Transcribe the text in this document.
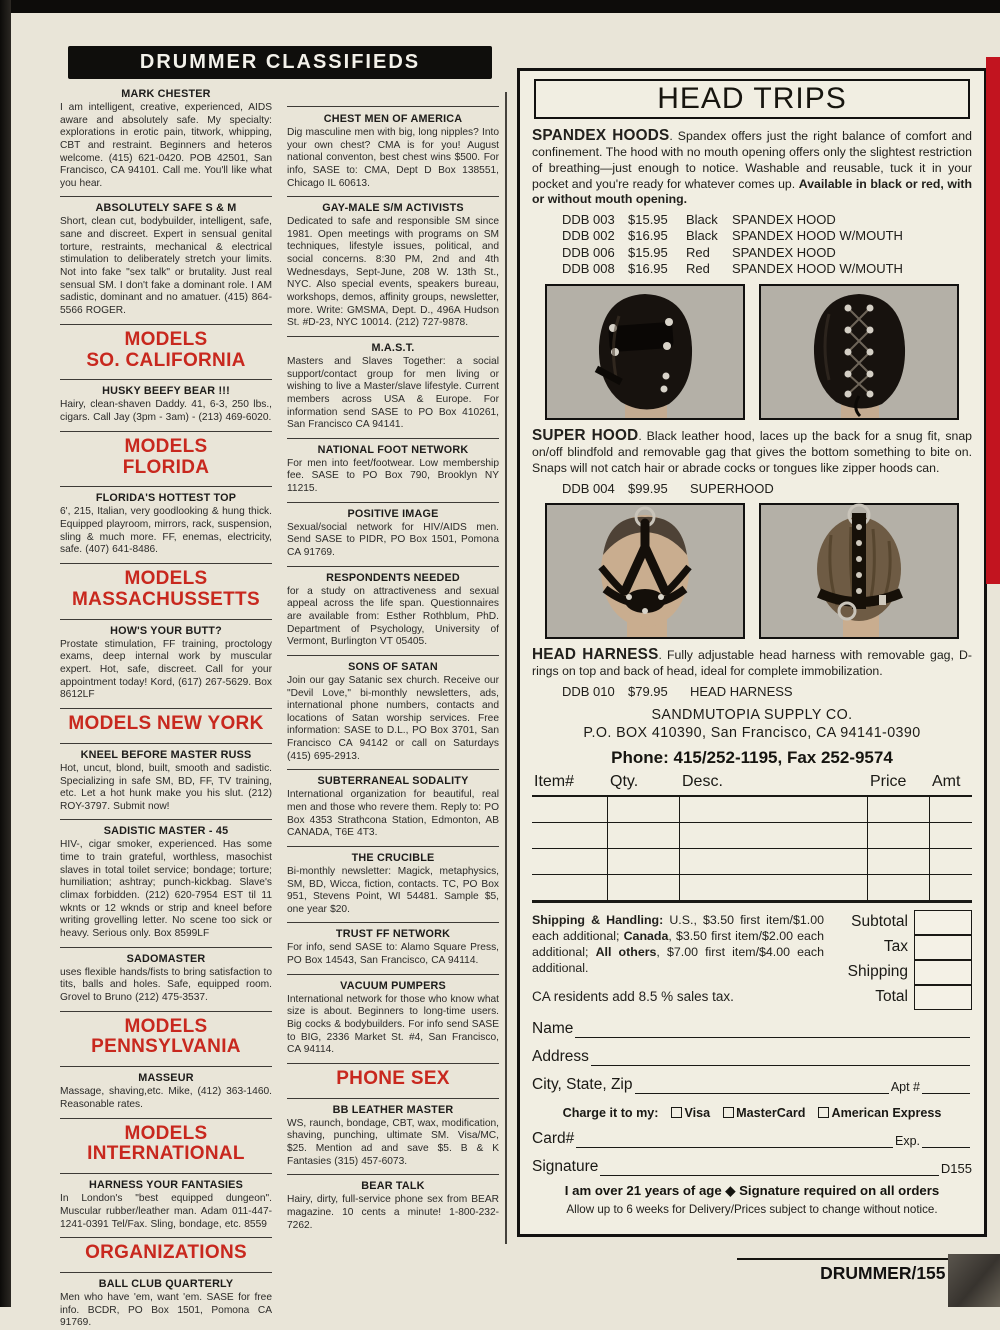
DRUMMER CLASSIFIEDS
MARK CHESTER
I am intelligent, creative, experienced, AIDS aware and absolutely safe. My specialty: explorations in erotic pain, titwork, whipping, CBT and restraint. Beginners and heteros welcome. (415) 621-0420. POB 42501, San Francisco, CA 94101. Call me. You'll like what you hear.
ABSOLUTELY SAFE S & M
Short, clean cut, bodybuilder, intelligent, safe, sane and discreet. Expert in sensual genital torture, restraints, mechanical & electrical stimulation to deliberately stretch your limits. Not into fake "sex talk" or brutality. Just real sensual SM. I don't fake a dominant role. I AM sadistic, dominant and no amatuer. (415) 864-5566 ROGER.
MODELS
SO. CALIFORNIA
HUSKY BEEFY BEAR !!!
Hairy, clean-shaven Daddy. 41, 6-3, 250 lbs., cigars. Call Jay (3pm - 3am) - (213) 469-6020.
MODELS
FLORIDA
FLORIDA'S HOTTEST TOP
6', 215, Italian, very goodlooking & hung thick. Equipped playroom, mirrors, rack, suspension, sling & much more. FF, enemas, electricity, safe. (407) 641-8486.
MODELS
MASSACHUSSETTS
HOW'S YOUR BUTT?
Prostate stimulation, FF training, proctology exams, deep internal work by muscular expert. Hot, safe, discreet. Call for your appointment today! Kord, (617) 267-5629. Box 8612LF
MODELS NEW YORK
KNEEL BEFORE MASTER RUSS
Hot, uncut, blond, built, smooth and sadistic. Specializing in safe SM, BD, FF, TV training, etc. Let a hot hunk make you his slut. (212) ROY-3797. Submit now!
SADISTIC MASTER - 45
HIV-, cigar smoker, experienced. Has some time to train grateful, worthless, masochist slaves in total toilet service; bondage; torture; humiliation; ashtray; punch-kickbag. Slave's climax forbidden. (212) 620-7954 EST til 11 wknts or 12 wknds or strip and kneel before writing grovelling letter. No scene too sick or heavy. Serious only. Box 8599LF
SADOMASTER
uses flexible hands/fists to bring satisfaction to tits, balls and holes. Safe, equipped room. Grovel to Bruno (212) 475-3537.
MODELS
PENNSYLVANIA
MASSEUR
Massage, shaving,etc. Mike, (412) 363-1460. Reasonable rates.
MODELS
INTERNATIONAL
HARNESS YOUR FANTASIES
In London's "best equipped dungeon". Muscular rubber/leather man. Adam 011-447-1241-0391 Tel/Fax. Sling, bondage, etc. 8559
ORGANIZATIONS
BALL CLUB QUARTERLY
Men who have 'em, want 'em. SASE for free info. BCDR, PO Box 1501, Pomona CA 91769.
CHEST MEN OF AMERICA
Dig masculine men with big, long nipples? Into your own chest? CMA is for you! August national conventon, best chest wins $500. For info, SASE to: CMA, Dept D Box 138551, Chicago IL 60613.
GAY-MALE S/M ACTIVISTS
Dedicated to safe and responsible SM since 1981. Open meetings with programs on SM techniques, lifestyle issues, political, and social concerns. 8:30 PM, 2nd and 4th Wednesdays, Sept-June, 208 W. 13th St., NYC. Also special events, speakers bureau, workshops, demos, affinity groups, newsletter, more. Write: GMSMA, Dept. D., 496A Hudson St. #D-23, NYC 10014. (212) 727-9878.
M.A.S.T.
Masters and Slaves Together: a social support/contact group for men living or wishing to live a Master/slave lifestyle. Current members across USA & Europe. For information send SASE to PO Box 410261, San Francisco CA 94141.
NATIONAL FOOT NETWORK
For men into feet/footwear. Low membership fee. SASE to PO Box 790, Brooklyn NY 11215.
POSITIVE IMAGE
Sexual/social network for HIV/AIDS men. Send SASE to PIDR, PO Box 1501, Pomona CA 91769.
RESPONDENTS NEEDED
for a study on attractiveness and sexual appeal across the life span. Questionnaires are available from: Esther Rothblum, PhD. Department of Psychology, University of Vermont, Burlington VT 05405.
SONS OF SATAN
Join our gay Satanic sex church. Receive our "Devil Love," bi-monthly newsletters, ads, international phone numbers, contacts and locations of Satan worship services. Free information: SASE to D.L., PO Box 3701, San Francisco CA 94142 or call on Saturdays (415) 695-2913.
SUBTERRANEAL SODALITY
International organization for beautiful, real men and those who revere them. Reply to: PO Box 4353 Strathcona Station, Edmonton, AB CANADA, T6E 4T3.
THE CRUCIBLE
Bi-monthly newsletter: Magick, metaphysics, SM, BD, Wicca, fiction, contacts. TC, PO Box 951, Stevens Point, WI 54481. Sample $5, one year $20.
TRUST FF NETWORK
For info, send SASE to: Alamo Square Press, PO Box 14543, San Francisco, CA 94114.
VACUUM PUMPERS
International network for those who know what size is about. Beginners to long-time users. Big cocks & bodybuilders. For info send SASE to BIG, 2336 Market St. #4, San Francisco, CA 94114.
PHONE SEX
BB LEATHER MASTER
WS, raunch, bondage, CBT, wax, modification, shaving, punching, ultimate SM. Visa/MC, $25. Mention ad and save $5. B & K Fantasies (315) 457-6073.
BEAR TALK
Hairy, dirty, full-service phone sex from BEAR magazine. 10 cents a minute! 1-800-232-7262.
HEAD TRIPS

SPANDEX HOODS. Spandex offers just the right balance of comfort and confinement. The hood with no mouth opening offers only the slightest restriction of breathing—just enough to notice. Washable and reusable, tuck it in your pocket and you're ready for whatever comes up. Available in black or red, with or without mouth opening.

DDB 003	$15.95	Black	SPANDEX HOOD
DDB 002	$16.95	Black	SPANDEX HOOD W/MOUTH
DDB 006	$15.95	Red	SPANDEX HOOD
DDB 008	$16.95	Red	SPANDEX HOOD W/MOUTH

SUPER HOOD. Black leather hood, laces up the back for a snug fit, snap on/off blindfold and removable gag that gives the bottom something to bite on. Snaps will not catch hair or abrade cocks or tongues like zipper hoods can.

DDB 004	$99.95	SUPERHOOD

HEAD HARNESS. Fully adjustable head harness with removable gag, D-rings on top and back of head, ideal for complete immobilization.

DDB 010	$79.95	HEAD HARNESS
SANDMUTOPIA SUPPLY CO.
P.O. BOX 410390, San Francisco, CA 94141-0390
Phone: 415/252-1195, Fax 252-9574
Item#	Qty.	Desc.	Price	Amt

Shipping & Handling: U.S., $3.50 first item/$1.00 each additional; Canada, $3.50 first item/$2.00 each additional; All others, $7.00 first item/$4.00 each additional.

CA residents add 8.5 % sales tax.

Subtotal
Tax
Shipping
Total
Name
Address
City, State, Zip	Apt #
Charge it to my: Visa MasterCard American Express
Card#	Exp.
Signature	D155
I am over 21 years of age ◆ Signature required on all orders
Allow up to 6 weeks for Delivery/Prices subject to change without notice.
DRUMMER/155
